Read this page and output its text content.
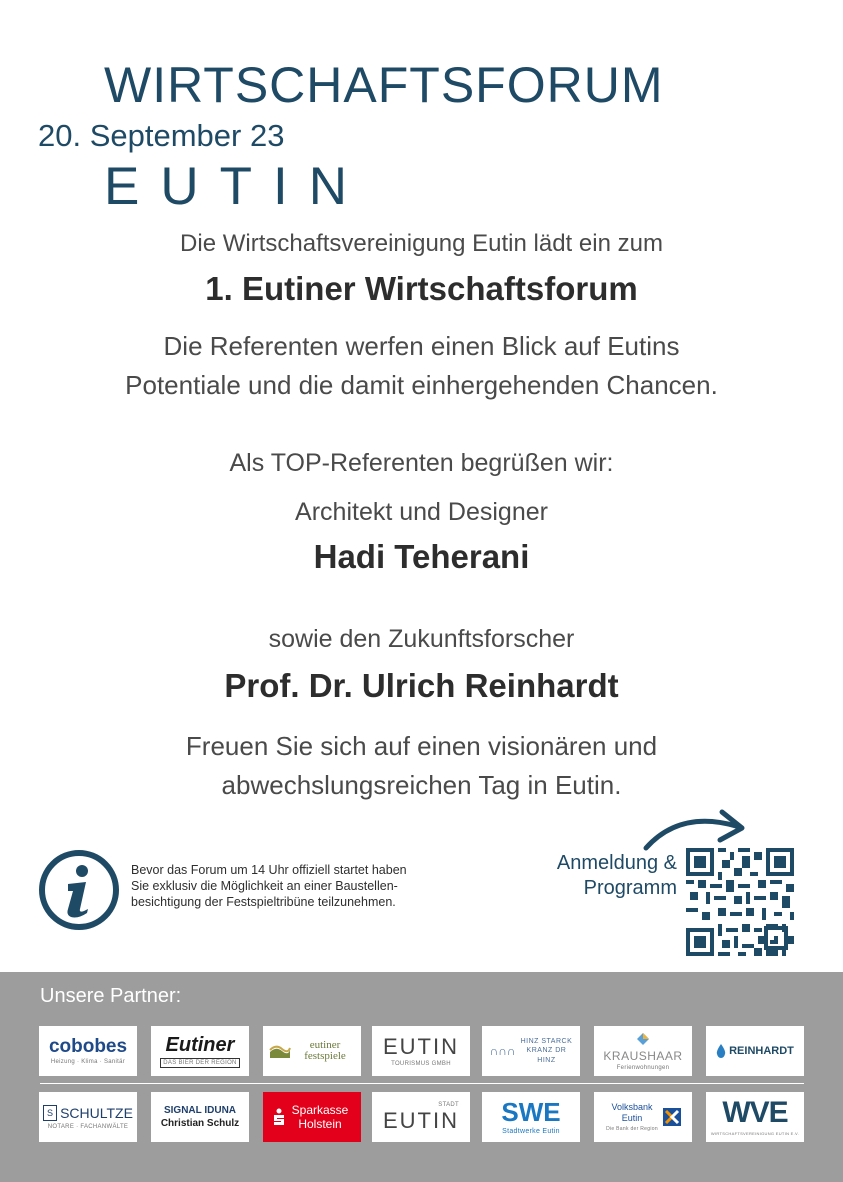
WIRTSCHAFTSFORUM
20. September 23
EUTIN
Die Wirtschaftsvereinigung Eutin lädt ein zum
1. Eutiner Wirtschaftsforum
Die Referenten werfen einen Blick auf Eutins
Potentiale und die damit einhergehenden Chancen.
Als TOP-Referenten begrüßen wir:
Architekt und Designer
Hadi Teherani
sowie den Zukunftsforscher
Prof. Dr. Ulrich Reinhardt
Freuen Sie sich auf einen visionären und
abwechslungsreichen Tag in Eutin.
Bevor das Forum um 14 Uhr offiziell startet haben
Sie exklusiv die Möglichkeit an einer Baustellen-
besichtigung der Festspieltribüne teilzunehmen.
Anmeldung &
Programm
Unsere Partner:
cobobes
Heizung · Klima · Sanitär
Eutiner
DAS BIER DER REGION
eutiner festspiele	EUTIN
TOURISMUS GMBH
∩∩∩
HINZ STARCK KRANZ DR HINZ	KRAUSHAAR
Ferienwohnungen
REINHARDT
S SCHULTZE
NOTARE · FACHANWÄLTE
SIGNAL IDUNA
Christian Schulz
Sparkasse Holstein
STADT
EUTIN SWE
Stadtwerke Eutin
Volksbank Eutin
Die Bank der Region
WVE
WIRTSCHAFTSVEREINIGUNG EUTIN E.V.
